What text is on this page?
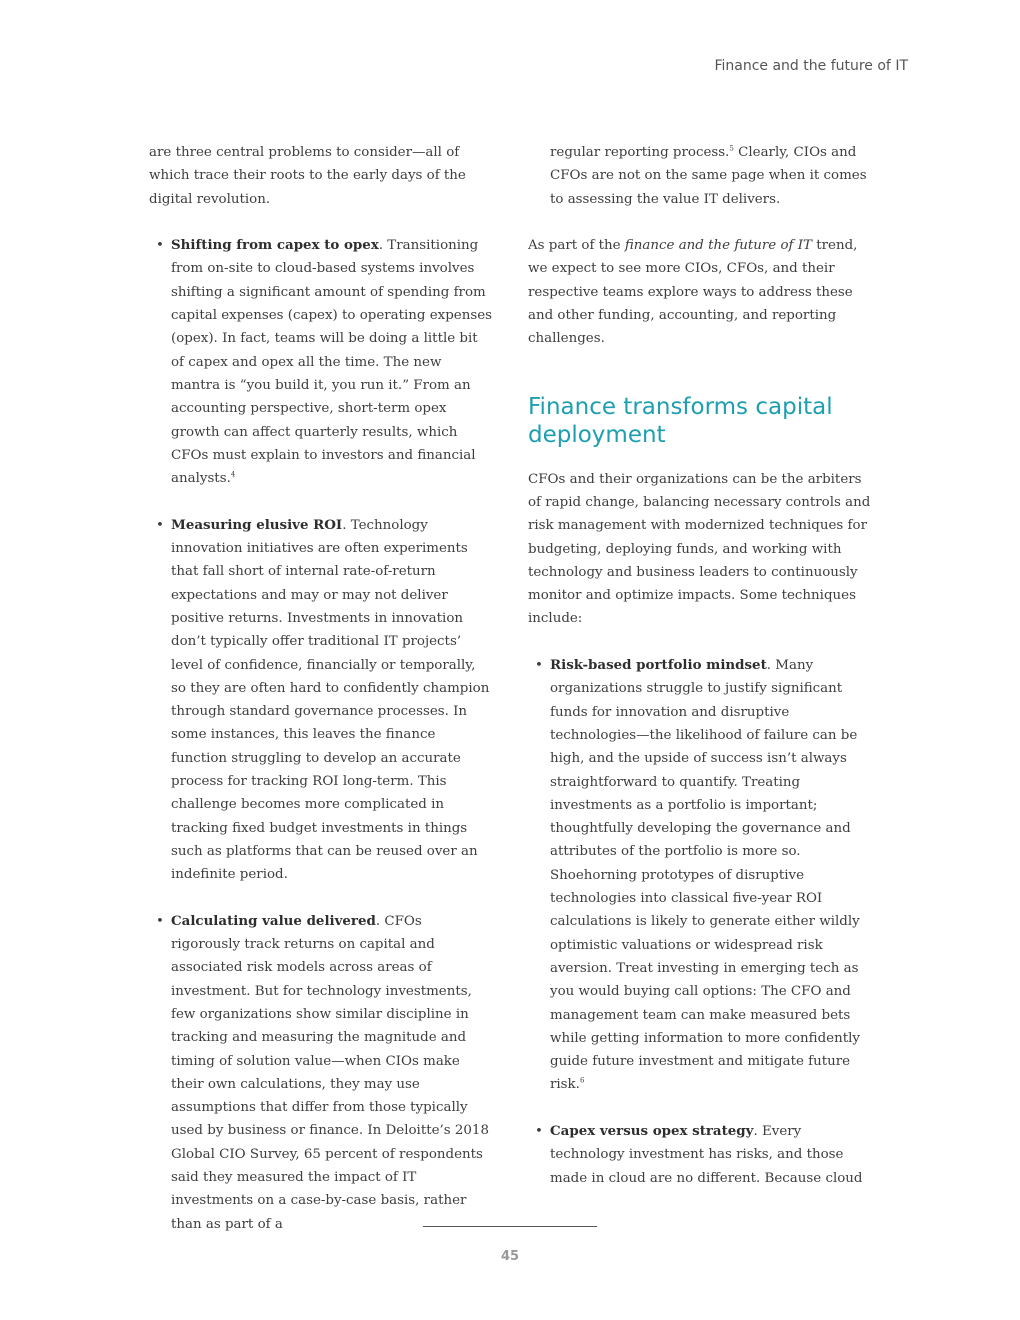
Finance and the future of IT

are three central problems to consider—all of which trace their roots to the early days of the digital revolution.

• Shifting from capex to opex. Transitioning from on-site to cloud-based systems involves shifting a significant amount of spending from capital expenses (capex) to operating expenses (opex). In fact, teams will be doing a little bit of capex and opex all the time. The new mantra is “you build it, you run it.” From an accounting perspective, short-term opex growth can affect quarterly results, which CFOs must explain to investors and financial analysts.$^4$
• Measuring elusive ROI. Technology innovation initiatives are often experiments that fall short of internal rate-of-return expectations and may or may not deliver positive returns. Investments in innovation don’t typically offer traditional IT projects’ level of confidence, financially or temporally, so they are often hard to confidently champion through standard governance processes. In some instances, this leaves the finance function struggling to develop an accurate process for tracking ROI long-term. This challenge becomes more complicated in tracking fixed budget investments in things such as platforms that can be reused over an indefinite period.
• Calculating value delivered. CFOs rigorously track returns on capital and associated risk models across areas of investment. But for technology investments, few organizations show similar discipline in tracking and measuring the magnitude and timing of solution value—when CIOs make their own calculations, they may use assumptions that differ from those typically used by business or finance. In Deloitte’s 2018 Global CIO Survey, 65 percent of respondents said they measured the impact of IT investments on a case-by-case basis, rather than as part of a

regular reporting process.$^5$ Clearly, CIOs and CFOs are not on the same page when it comes to assessing the value IT delivers.

As part of the finance and the future of IT trend, we expect to see more CIOs, CFOs, and their respective teams explore ways to address these and other funding, accounting, and reporting challenges.

Finance transforms capital deployment

CFOs and their organizations can be the arbiters of rapid change, balancing necessary controls and risk management with modernized techniques for budgeting, deploying funds, and working with technology and business leaders to continuously monitor and optimize impacts. Some techniques include:

• Risk-based portfolio mindset. Many organizations struggle to justify significant funds for innovation and disruptive technologies—the likelihood of failure can be high, and the upside of success isn’t always straightforward to quantify. Treating investments as a portfolio is important; thoughtfully developing the governance and attributes of the portfolio is more so. Shoehorning prototypes of disruptive technologies into classical five-year ROI calculations is likely to generate either wildly optimistic valuations or widespread risk aversion. Treat investing in emerging tech as you would buying call options: The CFO and management team can make measured bets while getting information to more confidently guide future investment and mitigate future risk.$^6$
• Capex versus opex strategy. Every technology investment has risks, and those made in cloud are no different. Because cloud
45
